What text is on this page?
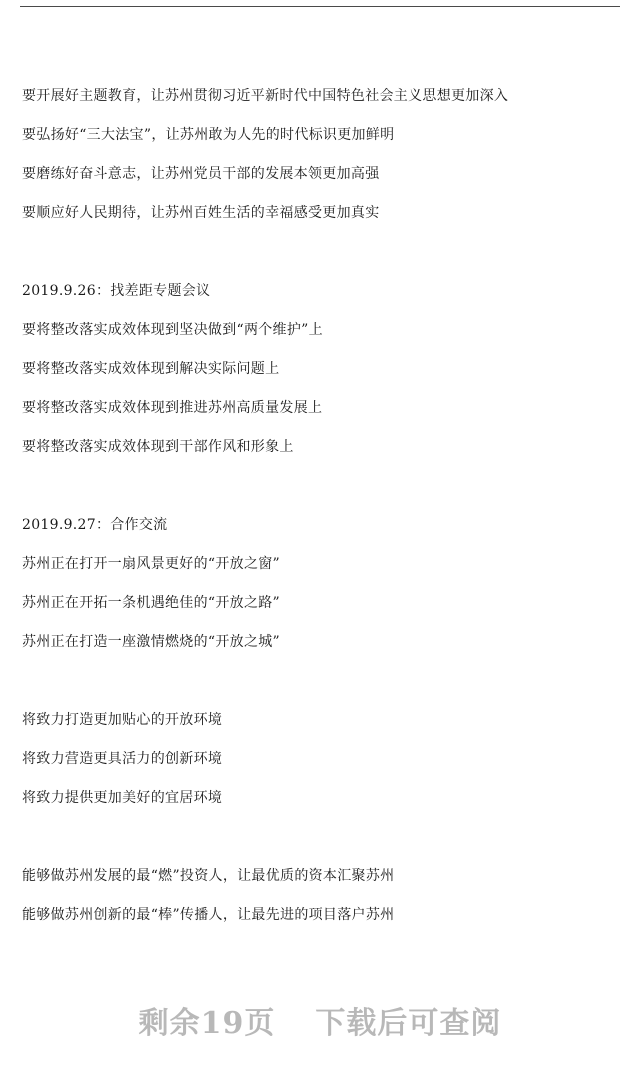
要开展好主题教育，让苏州贯彻习近平新时代中国特色社会主义思想更加深入
要弘扬好“三大法宝”，让苏州敢为人先的时代标识更加鲜明
要磨练好奋斗意志，让苏州党员干部的发展本领更加高强
要顺应好人民期待，让苏州百姓生活的幸福感受更加真实
2019.9.26：找差距专题会议
要将整改落实成效体现到坚决做到“两个维护”上
要将整改落实成效体现到解决实际问题上
要将整改落实成效体现到推进苏州高质量发展上
要将整改落实成效体现到干部作风和形象上
2019.9.27：合作交流
苏州正在打开一扇风景更好的“开放之窗”
苏州正在开拓一条机遇绝佳的“开放之路”
苏州正在打造一座激情燃烧的“开放之城”
将致力打造更加贴心的开放环境
将致力营造更具活力的创新环境
将致力提供更加美好的宜居环境
能够做苏州发展的最“燃”投资人，让最优质的资本汇聚苏州
能够做苏州创新的最“棒”传播人，让最先进的项目落户苏州
剩余19页 下载后可查阅
